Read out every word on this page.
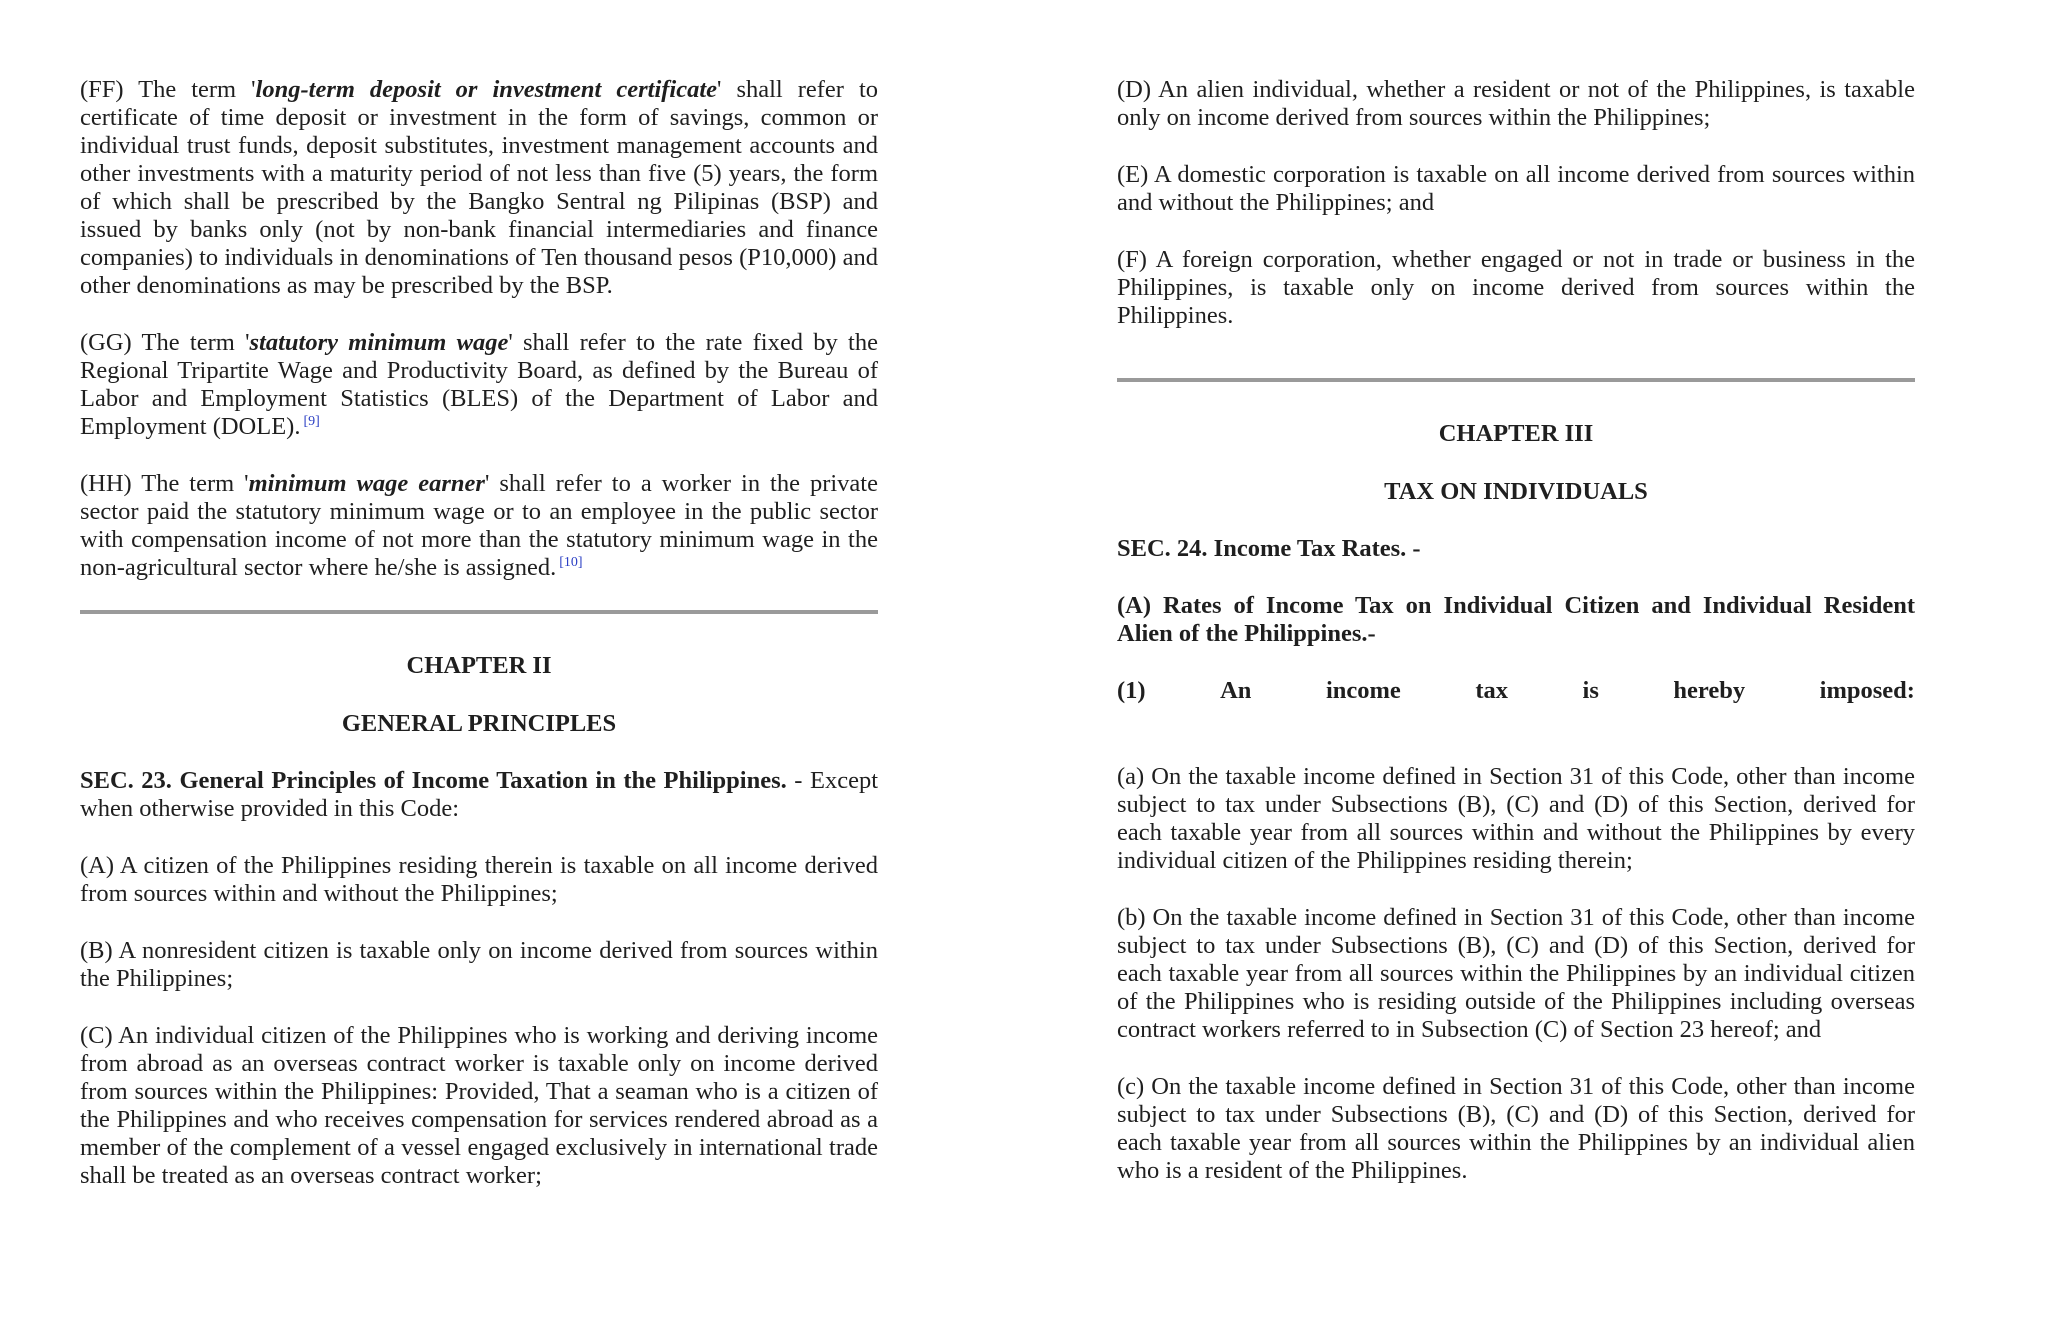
(FF) The term 'long-term deposit or investment certificate' shall refer to certificate of time deposit or investment in the form of savings, common or individual trust funds, deposit substitutes, investment management accounts and other investments with a maturity period of not less than five (5) years, the form of which shall be prescribed by the Bangko Sentral ng Pilipinas (BSP) and issued by banks only (not by non-bank financial intermediaries and finance companies) to individuals in denominations of Ten thousand pesos (P10,000) and other denominations as may be prescribed by the BSP.

(GG) The term 'statutory minimum wage' shall refer to the rate fixed by the Regional Tripartite Wage and Productivity Board, as defined by the Bureau of Labor and Employment Statistics (BLES) of the Department of Labor and Employment (DOLE). [9]

(HH) The term 'minimum wage earner' shall refer to a worker in the private sector paid the statutory minimum wage or to an employee in the public sector with compensation income of not more than the statutory minimum wage in the non-agricultural sector where he/she is assigned. [10]

CHAPTER II

GENERAL PRINCIPLES

SEC. 23. General Principles of Income Taxation in the Philippines. - Except when otherwise provided in this Code:

(A) A citizen of the Philippines residing therein is taxable on all income derived from sources within and without the Philippines;

(B) A nonresident citizen is taxable only on income derived from sources within the Philippines;

(C) An individual citizen of the Philippines who is working and deriving income from abroad as an overseas contract worker is taxable only on income derived from sources within the Philippines: Provided, That a seaman who is a citizen of the Philippines and who receives compensation for services rendered abroad as a member of the complement of a vessel engaged exclusively in international trade shall be treated as an overseas contract worker;

(D) An alien individual, whether a resident or not of the Philippines, is taxable only on income derived from sources within the Philippines;

(E) A domestic corporation is taxable on all income derived from sources within and without the Philippines; and

(F) A foreign corporation, whether engaged or not in trade or business in the Philippines, is taxable only on income derived from sources within the Philippines.

CHAPTER III

TAX ON INDIVIDUALS

SEC. 24. Income Tax Rates. -

(A) Rates of Income Tax on Individual Citizen and Individual Resident Alien of the Philippines.-

(1)	An	income	tax	is	hereby	imposed:

(a) On the taxable income defined in Section 31 of this Code, other than income subject to tax under Subsections (B), (C) and (D) of this Section, derived for each taxable year from all sources within and without the Philippines by every individual citizen of the Philippines residing therein;

(b) On the taxable income defined in Section 31 of this Code, other than income subject to tax under Subsections (B), (C) and (D) of this Section, derived for each taxable year from all sources within the Philippines by an individual citizen of the Philippines who is residing outside of the Philippines including overseas contract workers referred to in Subsection (C) of Section 23 hereof; and

(c) On the taxable income defined in Section 31 of this Code, other than income subject to tax under Subsections (B), (C) and (D) of this Section, derived for each taxable year from all sources within the Philippines by an individual alien who is a resident of the Philippines.
